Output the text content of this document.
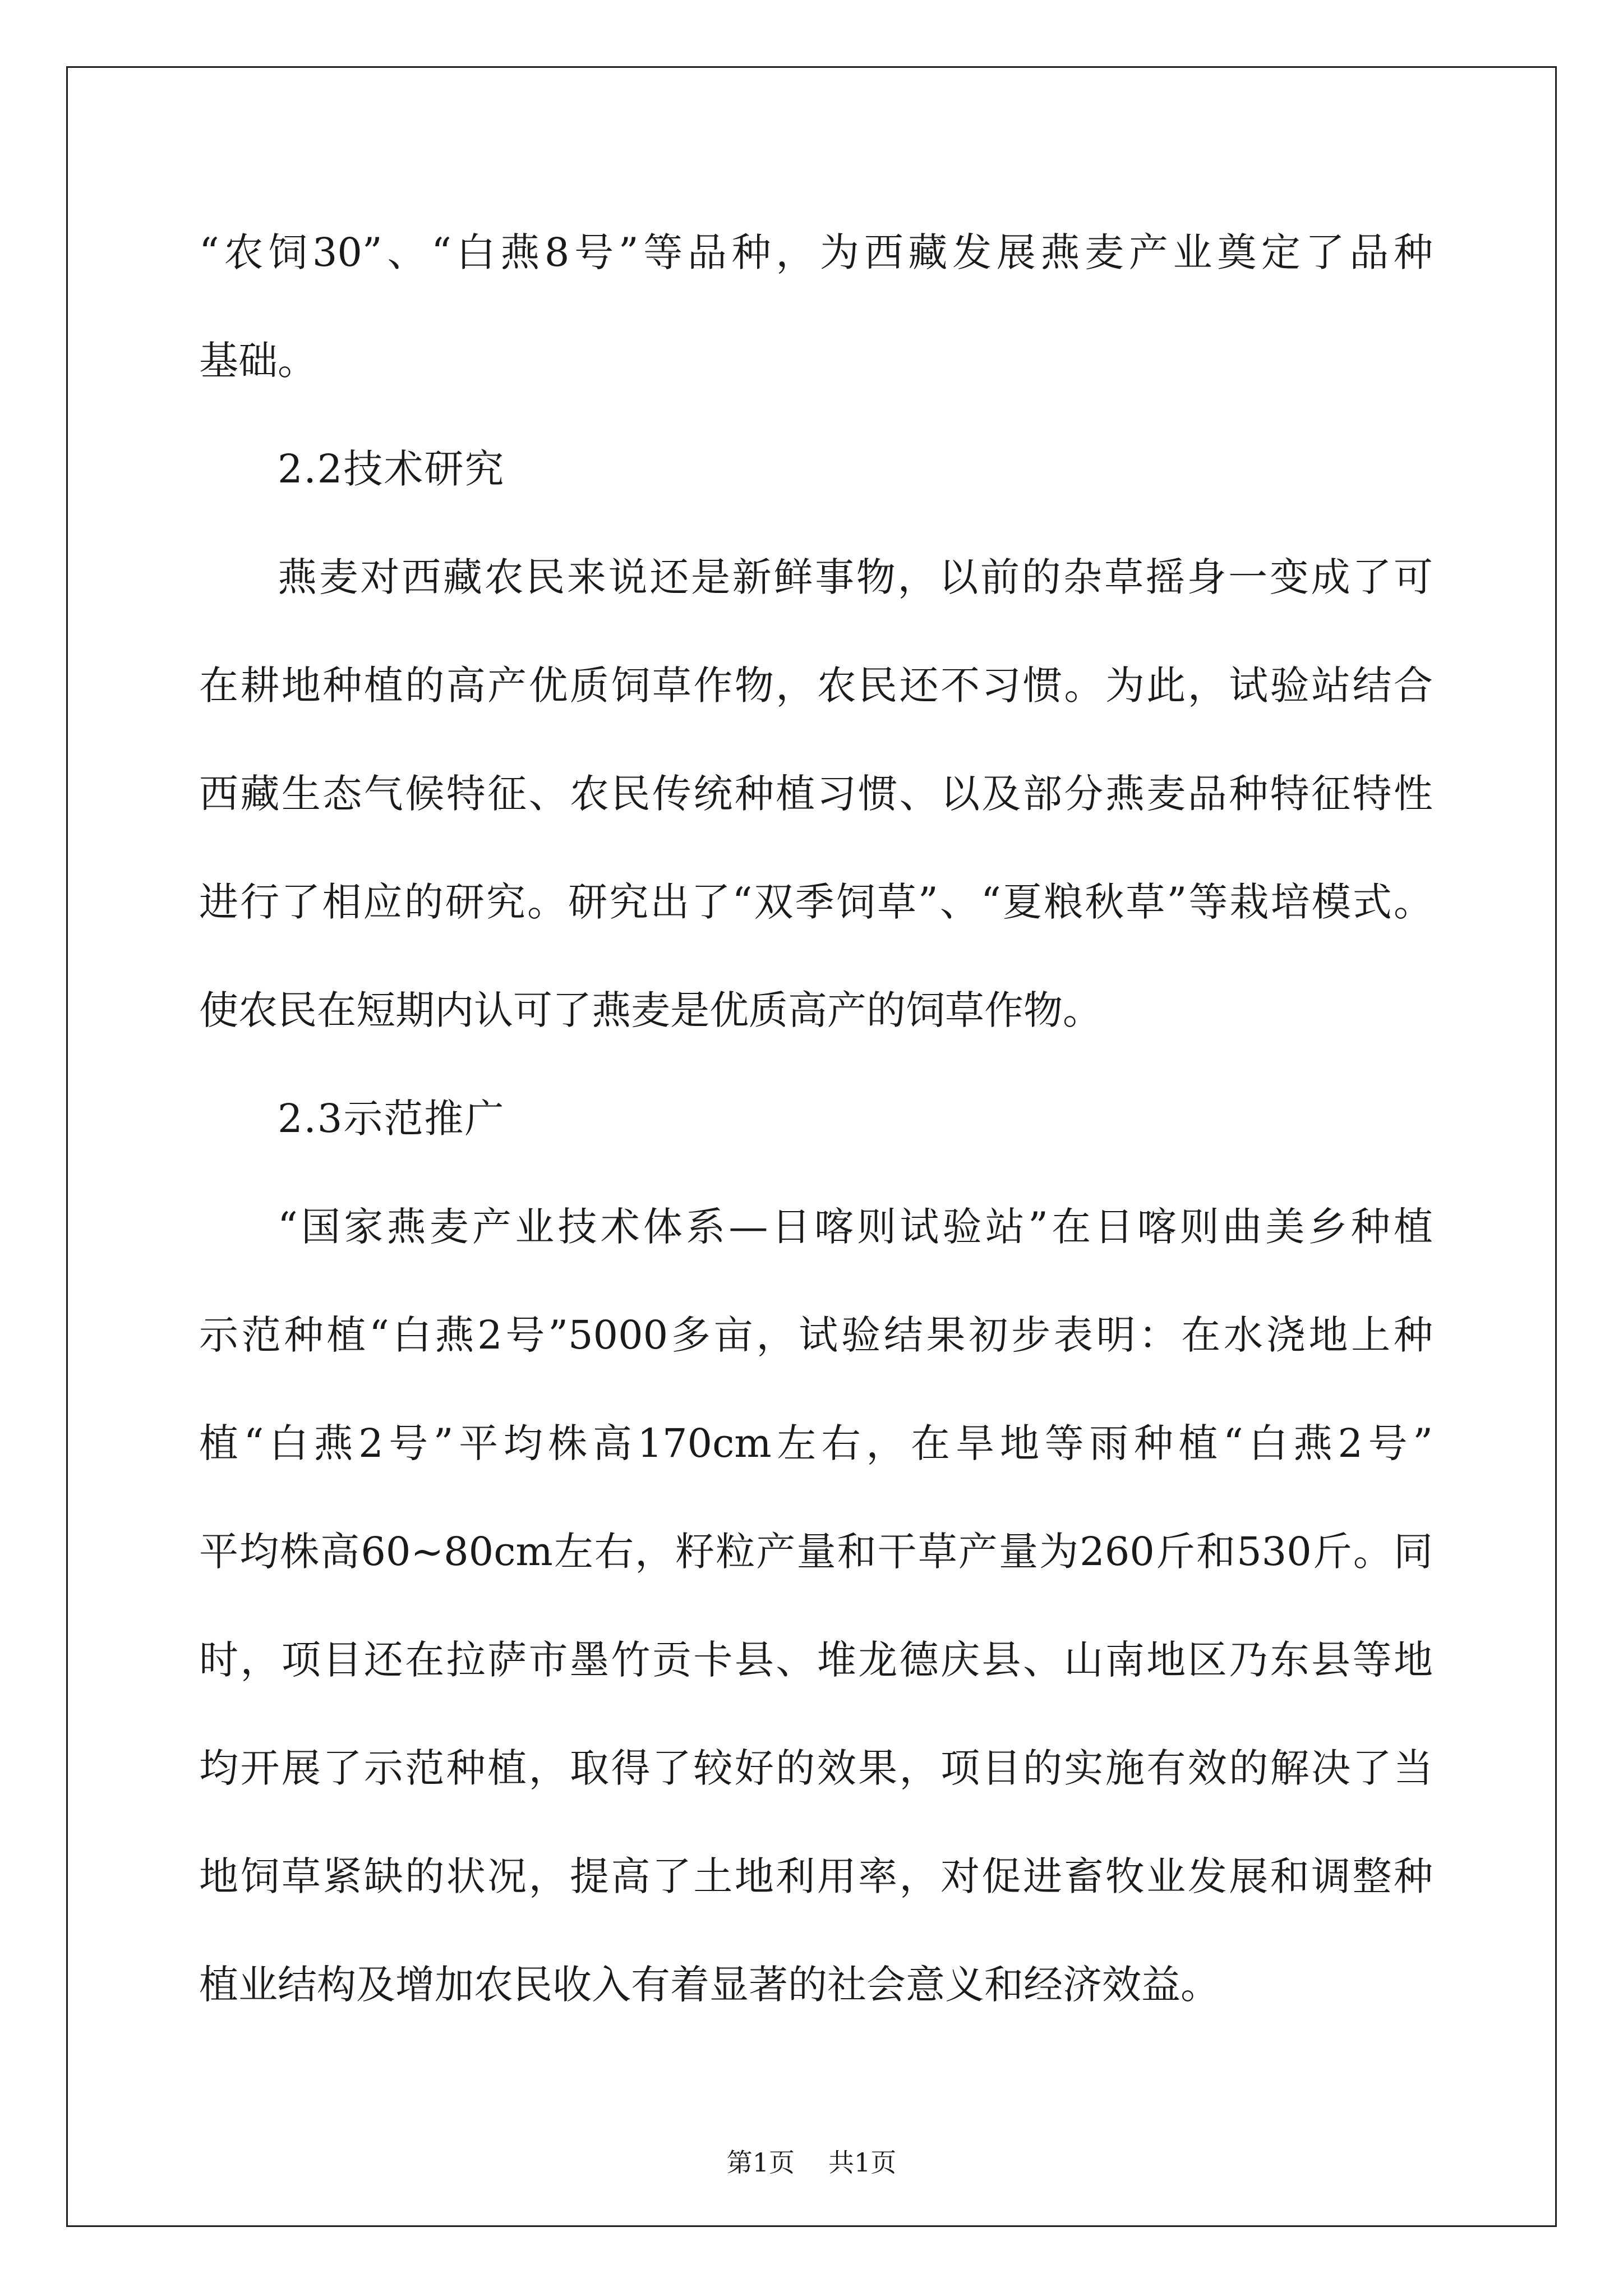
“农饲30”、“白燕8号”等品种，为西藏发展燕麦产业奠定了品种
基础。
2.2技术研究
燕麦对西藏农民来说还是新鲜事物，以前的杂草摇身一变成了可
在耕地种植的高产优质饲草作物，农民还不习惯。为此，试验站结合
西藏生态气候特征、农民传统种植习惯、以及部分燕麦品种特征特性
进行了相应的研究。研究出了“双季饲草”、“夏粮秋草”等栽培模式。
使农民在短期内认可了燕麦是优质高产的饲草作物。
2.3示范推广
“国家燕麦产业技术体系—日喀则试验站”在日喀则曲美乡种植
示范种植“白燕2号”5000多亩，试验结果初步表明：在水浇地上种
植“白燕2号”平均株高170cm左右，在旱地等雨种植“白燕2号”
平均株高60~80cm左右，籽粒产量和干草产量为260斤和530斤。同
时，项目还在拉萨市墨竹贡卡县、堆龙德庆县、山南地区乃东县等地
均开展了示范种植，取得了较好的效果，项目的实施有效的解决了当
地饲草紧缺的状况，提高了土地利用率，对促进畜牧业发展和调整种
植业结构及增加农民收入有着显著的社会意义和经济效益。
第1页 共1页
